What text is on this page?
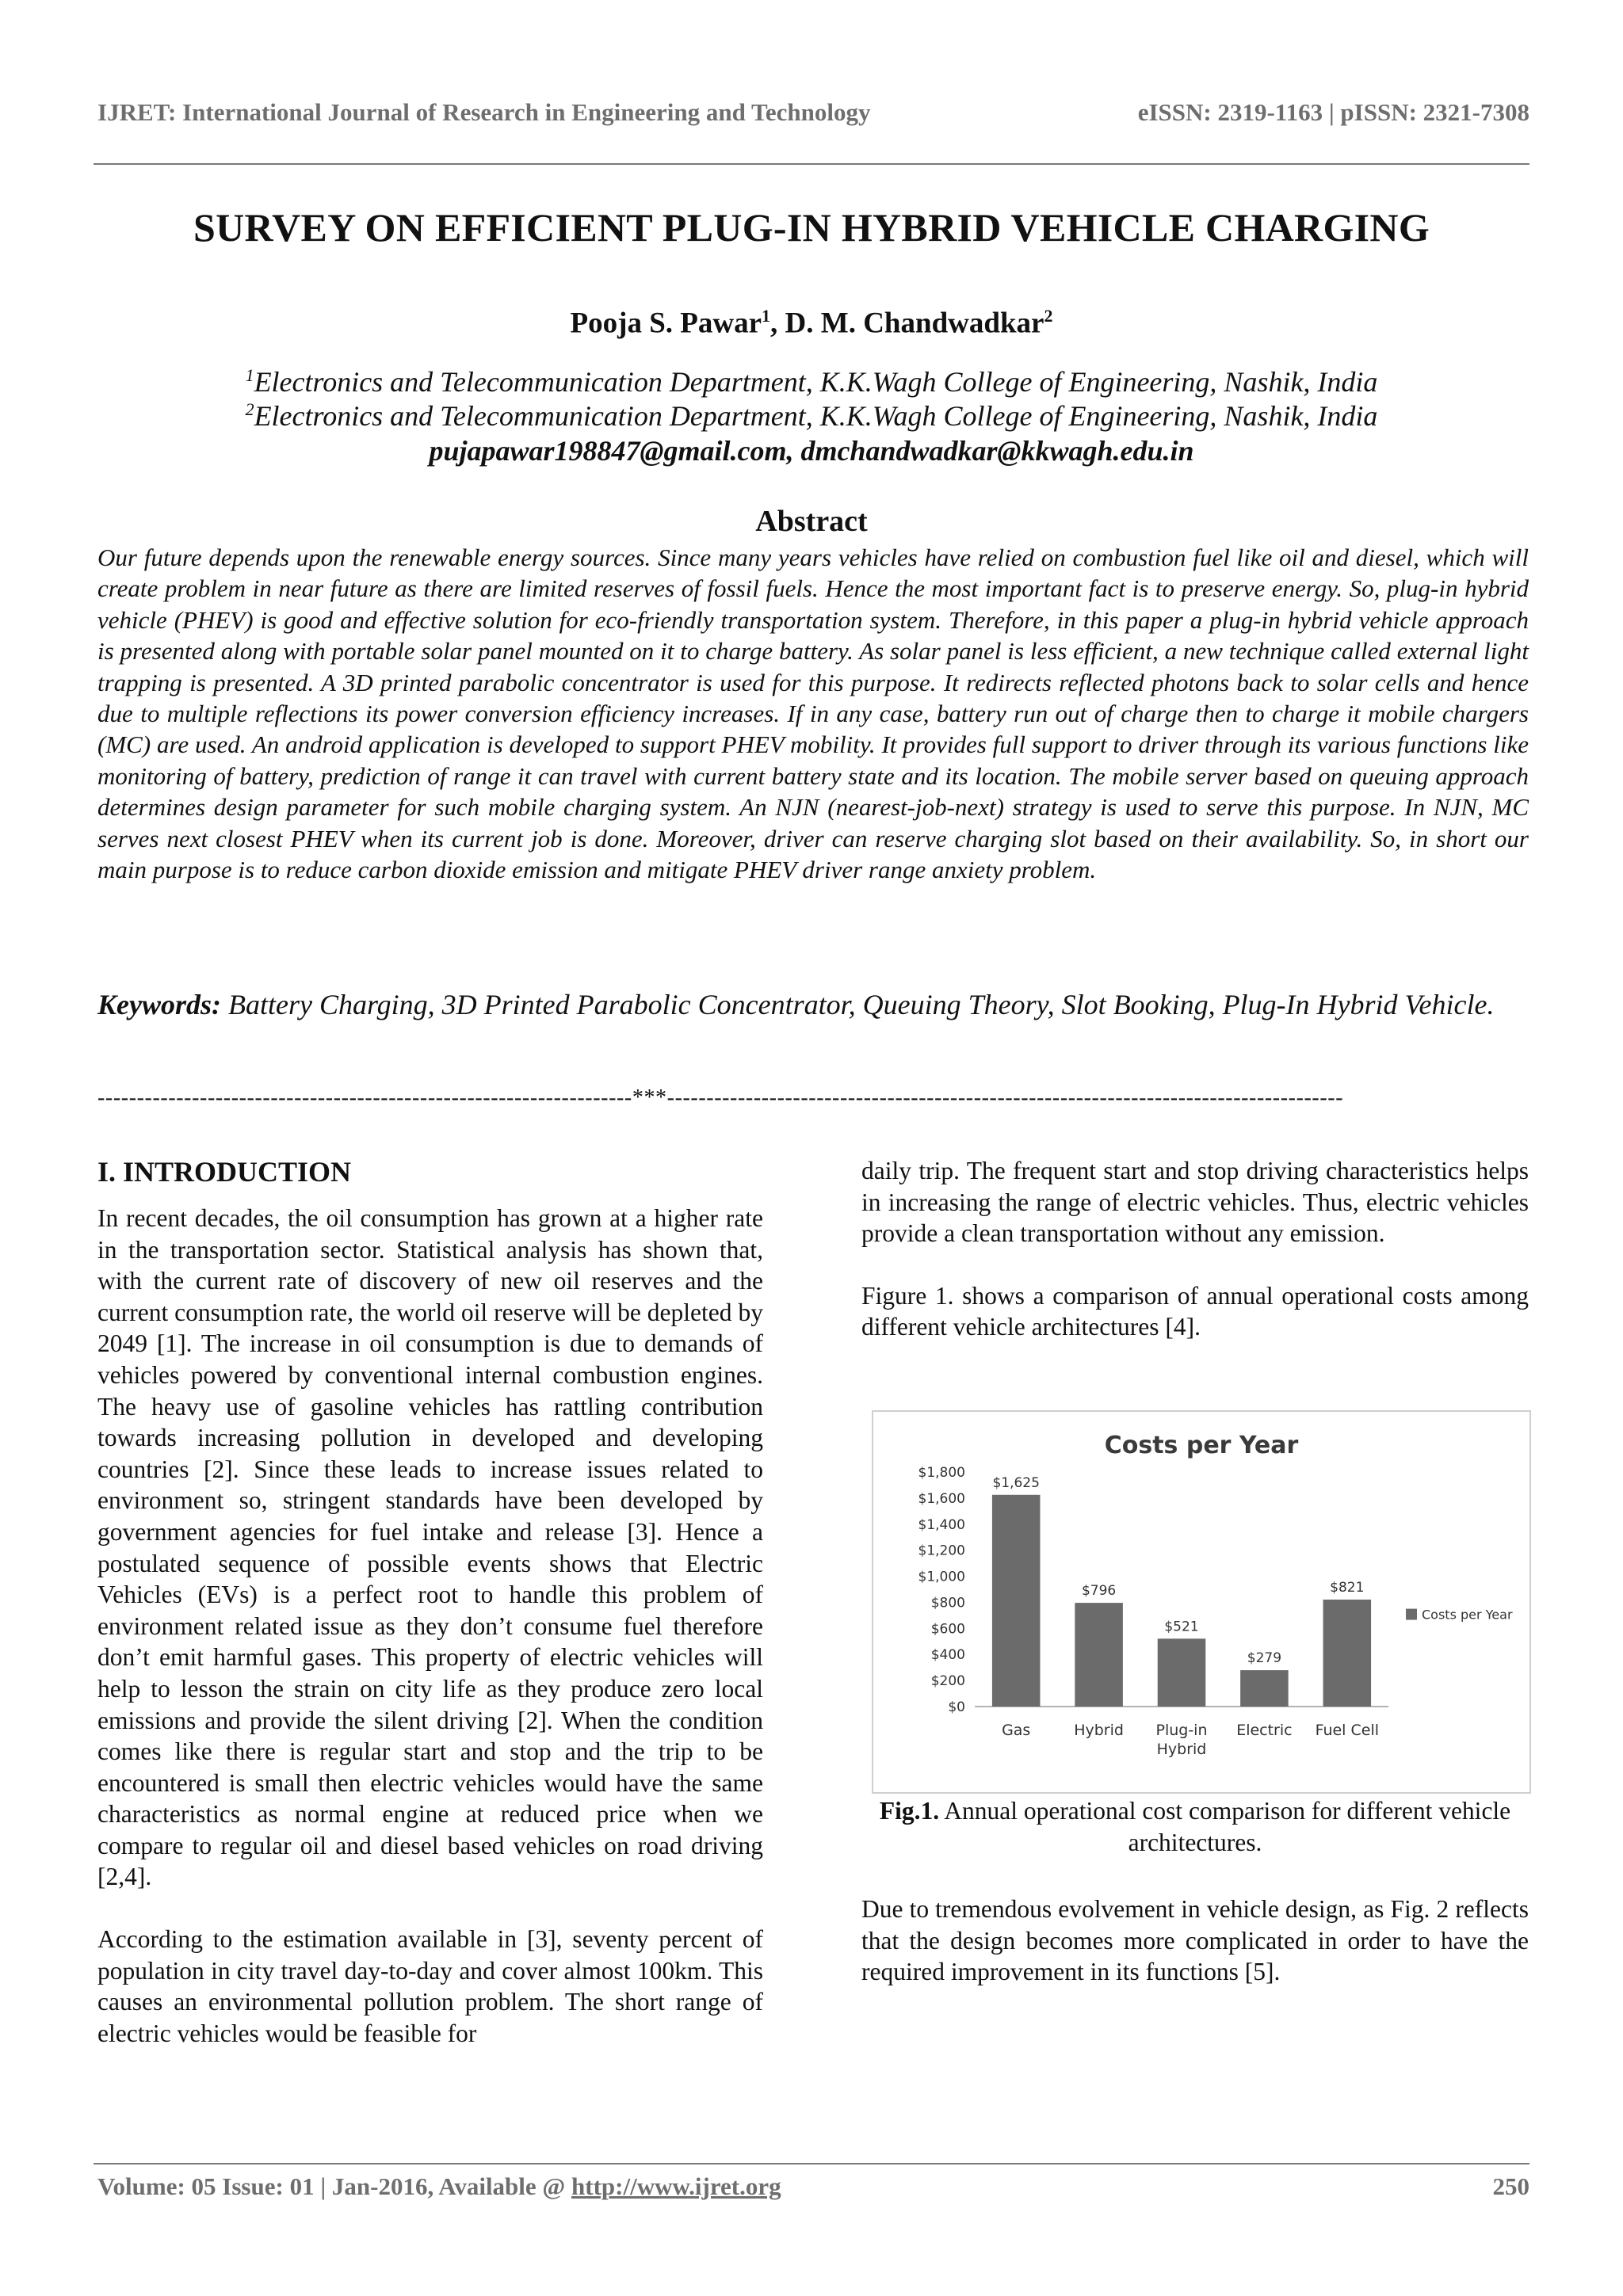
IJRET: International Journal of Research in Engineering and Technology	eISSN: 2319-1163 | pISSN: 2321-7308
SURVEY ON EFFICIENT PLUG-IN HYBRID VEHICLE CHARGING
Pooja S. Pawar$^1$, D. M. Chandwadkar$^2$
$^1$Electronics and Telecommunication Department, K.K.Wagh College of Engineering, Nashik, India
$^2$Electronics and Telecommunication Department, K.K.Wagh College of Engineering, Nashik, India
pujapawar198847@gmail.com, dmchandwadkar@kkwagh.edu.in
Abstract
Our future depends upon the renewable energy sources. Since many years vehicles have relied on combustion fuel like oil and diesel, which will create problem in near future as there are limited reserves of fossil fuels. Hence the most important fact is to preserve energy. So, plug-in hybrid vehicle (PHEV) is good and effective solution for eco-friendly transportation system. Therefore, in this paper a plug-in hybrid vehicle approach is presented along with portable solar panel mounted on it to charge battery. As solar panel is less efficient, a new technique called external light trapping is presented. A 3D printed parabolic concentrator is used for this purpose. It redirects reflected photons back to solar cells and hence due to multiple reflections its power conversion efficiency increases. If in any case, battery run out of charge then to charge it mobile chargers (MC) are used. An android application is developed to support PHEV mobility. It provides full support to driver through its various functions like monitoring of battery, prediction of range it can travel with current battery state and its location. The mobile server based on queuing approach determines design parameter for such mobile charging system. An NJN (nearest-job-next) strategy is used to serve this purpose. In NJN, MC serves next closest PHEV when its current job is done. Moreover, driver can reserve charging slot based on their availability. So, in short our main purpose is to reduce carbon dioxide emission and mitigate PHEV driver range anxiety problem.
Keywords: Battery Charging, 3D Printed Parabolic Concentrator, Queuing Theory, Slot Booking, Plug-In Hybrid Vehicle.
--------------------------------------------------------------------***--------------------------------------------------------------------------------------
I. INTRODUCTION

In recent decades, the oil consumption has grown at a higher rate in the transportation sector. Statistical analysis has shown that, with the current rate of discovery of new oil reserves and the current consumption rate, the world oil reserve will be depleted by 2049 [1]. The increase in oil consumption is due to demands of vehicles powered by conventional internal combustion engines. The heavy use of gasoline vehicles has rattling contribution towards increasing pollution in developed and developing countries [2]. Since these leads to increase issues related to environment so, stringent standards have been developed by government agencies for fuel intake and release [3]. Hence a postulated sequence of possible events shows that Electric Vehicles (EVs) is a perfect root to handle this problem of environment related issue as they don’t consume fuel therefore don’t emit harmful gases. This property of electric vehicles will help to lesson the strain on city life as they produce zero local emissions and provide the silent driving [2]. When the condition comes like there is regular start and stop and the trip to be encountered is small then electric vehicles would have the same characteristics as normal engine at reduced price when we compare to regular oil and diesel based vehicles on road driving [2,4].

According to the estimation available in [3], seventy percent of population in city travel day-to-day and cover almost 100km. This causes an environmental pollution problem. The short range of electric vehicles would be feasible for

daily trip. The frequent start and stop driving characteristics helps in increasing the range of electric vehicles. Thus, electric vehicles provide a clean transportation without any emission.

Figure 1. shows a comparison of annual operational costs among different vehicle architectures [4].

Costs per Year
$0
$200
$400
$600
$800
$1,000
$1,200
$1,400
$1,600
$1,800
$1,625
Gas
$796
Hybrid
$521
Plug-in Hybrid
$279
Electric
$821
Fuel Cell
Costs per Year
Fig.1. Annual operational cost comparison for different vehicle architectures.

Due to tremendous evolvement in vehicle design, as Fig. 2 reflects that the design becomes more complicated in order to have the required improvement in its functions [5].

Volume: 05 Issue: 01 | Jan-2016, Available @ http://www.ijret.org	250
